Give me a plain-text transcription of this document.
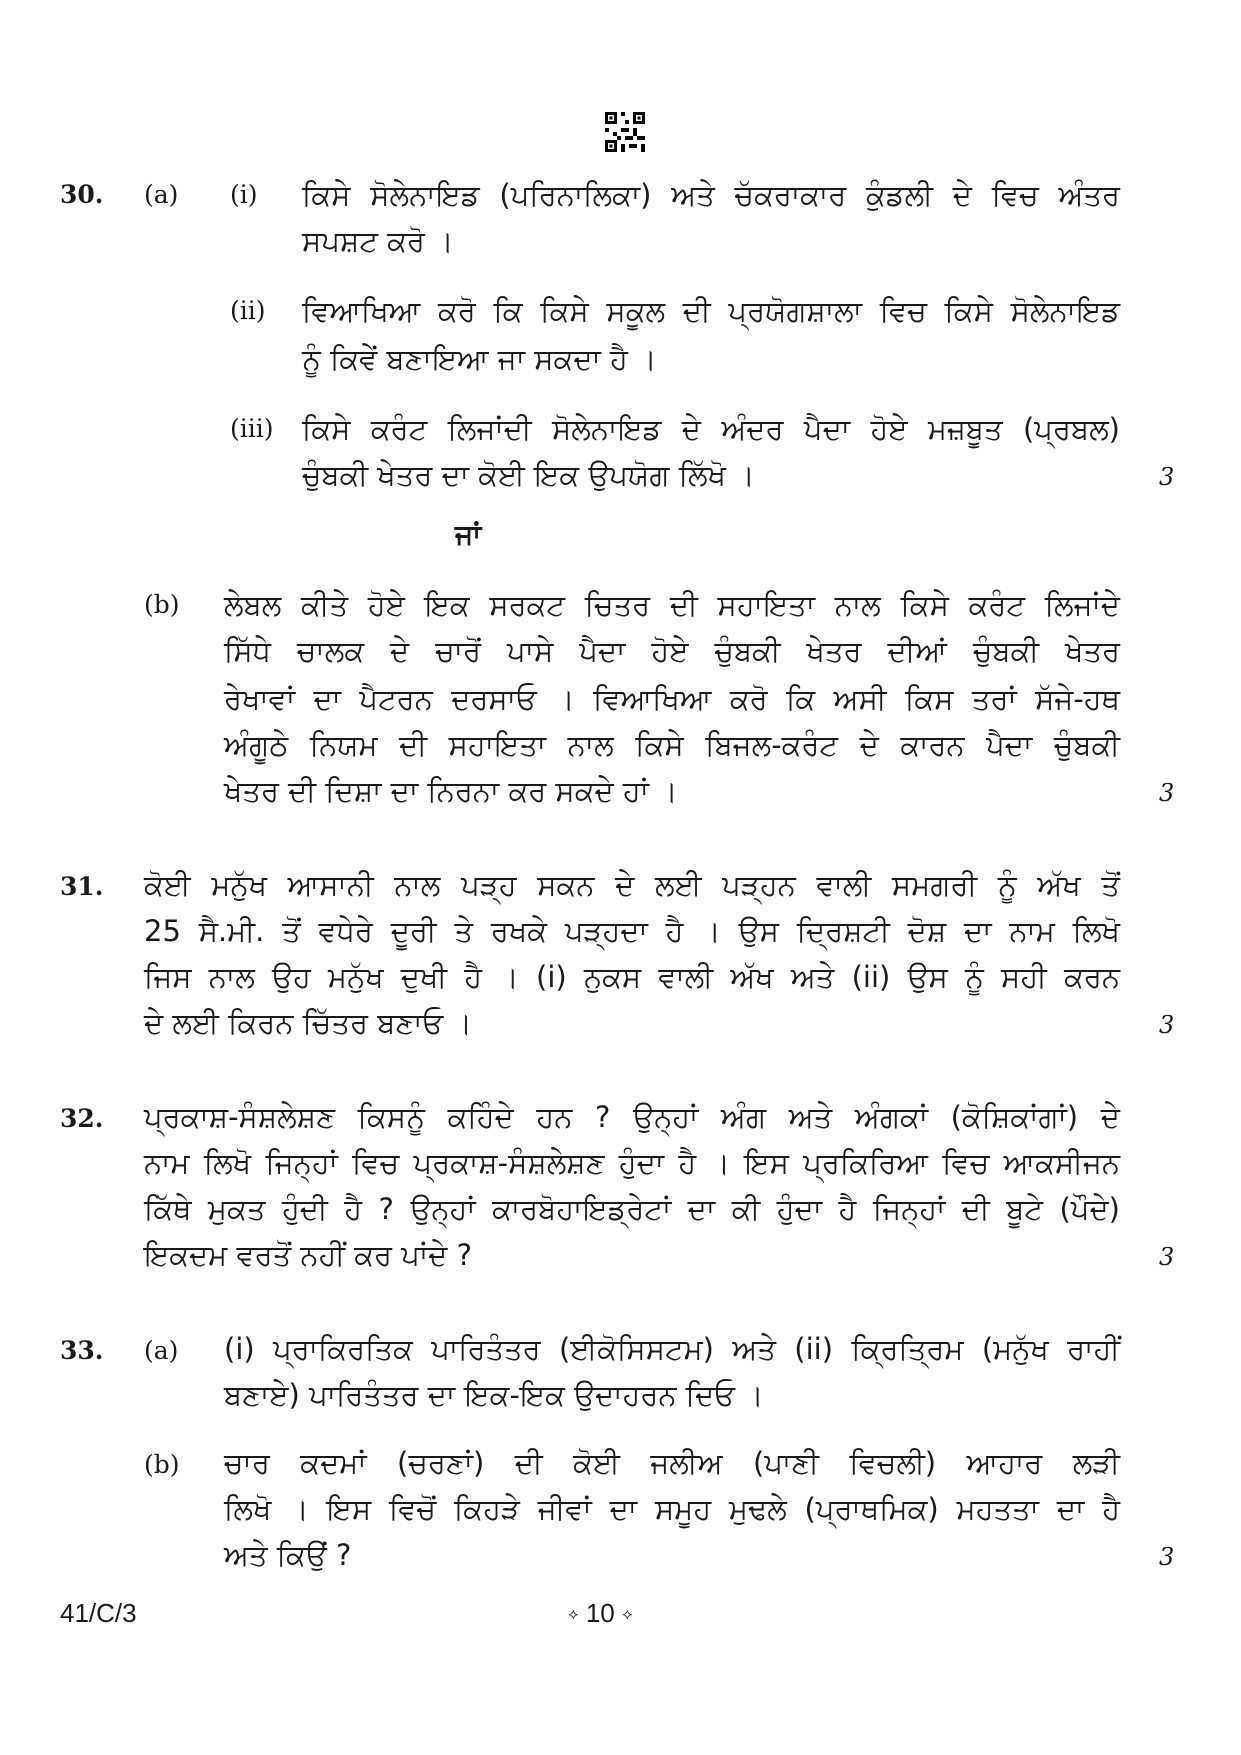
30. (a) (i) ਕਿਸੇ ਸੋਲੇਨਾਇਡ (ਪਰਿਨਾਲਿਕਾ) ਅਤੇ ਚੱਕਰਾਕਾਰ ਕੁੰਡਲੀ ਦੇ ਵਿਚ ਅੰਤਰ
ਸਪਸ਼ਟ ਕਰੋ ।
(ii) ਵਿਆਖਿਆ ਕਰੋ ਕਿ ਕਿਸੇ ਸਕੂਲ ਦੀ ਪ੍ਰਯੋਗਸ਼ਾਲਾ ਵਿਚ ਕਿਸੇ ਸੋਲੇਨਾਇਡ
ਨੂੰ ਕਿਵੇਂ ਬਣਾਇਆ ਜਾ ਸਕਦਾ ਹੈ ।
(iii) ਕਿਸੇ ਕਰੰਟ ਲਿਜਾਂਦੀ ਸੋਲੇਨਾਇਡ ਦੇ ਅੰਦਰ ਪੈਦਾ ਹੋਏ ਮਜ਼ਬੂਤ (ਪ੍ਰਬਲ)
ਚੁੰਬਕੀ ਖੇਤਰ ਦਾ ਕੋਈ ਇਕ ਉਪਯੋਗ ਲਿੱਖੋ ।	3
ਜਾਂ
(b) ਲੇਬਲ ਕੀਤੇ ਹੋਏ ਇਕ ਸਰਕਟ ਚਿਤਰ ਦੀ ਸਹਾਇਤਾ ਨਾਲ ਕਿਸੇ ਕਰੰਟ ਲਿਜਾਂਦੇ
ਸਿੱਧੇ ਚਾਲਕ ਦੇ ਚਾਰੋਂ ਪਾਸੇ ਪੈਦਾ ਹੋਏ ਚੁੰਬਕੀ ਖੇਤਰ ਦੀਆਂ ਚੁੰਬਕੀ ਖੇਤਰ
ਰੇਖਾਵਾਂ ਦਾ ਪੈਟਰਨ ਦਰਸਾਓ । ਵਿਆਖਿਆ ਕਰੋ ਕਿ ਅਸੀ ਕਿਸ ਤਰਾਂ ਸੱਜੇ-ਹਥ
ਅੰਗੂਠੇ ਨਿਯਮ ਦੀ ਸਹਾਇਤਾ ਨਾਲ ਕਿਸੇ ਬਿਜਲ-ਕਰੰਟ ਦੇ ਕਾਰਨ ਪੈਦਾ ਚੁੰਬਕੀ
ਖੇਤਰ ਦੀ ਦਿਸ਼ਾ ਦਾ ਨਿਰਨਾ ਕਰ ਸਕਦੇ ਹਾਂ ।	3
31. ਕੋਈ ਮਨੁੱਖ ਆਸਾਨੀ ਨਾਲ ਪੜ੍ਹ ਸਕਨ ਦੇ ਲਈ ਪੜ੍ਹਨ ਵਾਲੀ ਸਮਗਰੀ ਨੂੰ ਅੱਖ ਤੋਂ
25 ਸੈ.ਮੀ. ਤੋਂ ਵਧੇਰੇ ਦੂਰੀ ਤੇ ਰਖਕੇ ਪੜ੍ਹਦਾ ਹੈ । ਉਸ ਦ੍ਰਿਸ਼ਟੀ ਦੋਸ਼ ਦਾ ਨਾਮ ਲਿਖੋ
ਜਿਸ ਨਾਲ ਉਹ ਮਨੁੱਖ ਦੁਖੀ ਹੈ । (i) ਨੁਕਸ ਵਾਲੀ ਅੱਖ ਅਤੇ (ii) ਉਸ ਨੂੰ ਸਹੀ ਕਰਨ
ਦੇ ਲਈ ਕਿਰਨ ਚਿੱਤਰ ਬਣਾਓ ।	3
32. ਪ੍ਰਕਾਸ਼-ਸੰਸ਼ਲੇਸ਼ਣ ਕਿਸਨੂੰ ਕਹਿੰਦੇ ਹਨ ? ਉਨ੍ਹਾਂ ਅੰਗ ਅਤੇ ਅੰਗਕਾਂ (ਕੋਸ਼ਿਕਾਂਗਾਂ) ਦੇ
ਨਾਮ ਲਿਖੋ ਜਿਨ੍ਹਾਂ ਵਿਚ ਪ੍ਰਕਾਸ਼-ਸੰਸ਼ਲੇਸ਼ਣ ਹੁੰਦਾ ਹੈ । ਇਸ ਪ੍ਰਕਿਰਿਆ ਵਿਚ ਆਕਸੀਜਨ
ਕਿੱਥੇ ਮੁਕਤ ਹੁੰਦੀ ਹੈ ? ਉਨ੍ਹਾਂ ਕਾਰਬੋਹਾਇਡ੍ਰੇਟਾਂ ਦਾ ਕੀ ਹੁੰਦਾ ਹੈ ਜਿਨ੍ਹਾਂ ਦੀ ਬੂਟੇ (ਪੌਦੇ)
ਇਕਦਮ ਵਰਤੋਂ ਨਹੀਂ ਕਰ ਪਾਂਦੇ ?	3
33. (a) (i) ਪ੍ਰਾਕਿਰਤਿਕ ਪਾਰਿਤੰਤਰ (ਈਕੋਸਿਸਟਮ) ਅਤੇ (ii) ਕ੍ਰਿਤ੍ਰਿਮ (ਮਨੁੱਖ ਰਾਹੀਂ
ਬਣਾਏ) ਪਾਰਿਤੰਤਰ ਦਾ ਇਕ-ਇਕ ਉਦਾਹਰਨ ਦਿਓ ।
(b) ਚਾਰ ਕਦਮਾਂ (ਚਰਣਾਂ) ਦੀ ਕੋਈ ਜਲੀਅ (ਪਾਣੀ ਵਿਚਲੀ) ਆਹਾਰ ਲੜੀ
ਲਿਖੋ । ਇਸ ਵਿਚੋਂ ਕਿਹੜੇ ਜੀਵਾਂ ਦਾ ਸਮੂਹ ਮੁਢਲੇ (ਪ੍ਰਾਥਮਿਕ) ਮਹਤਤਾ ਦਾ ਹੈ
ਅਤੇ ਕਿਉਂ ?	3
41/C/3	⟡ 10 ⟡
